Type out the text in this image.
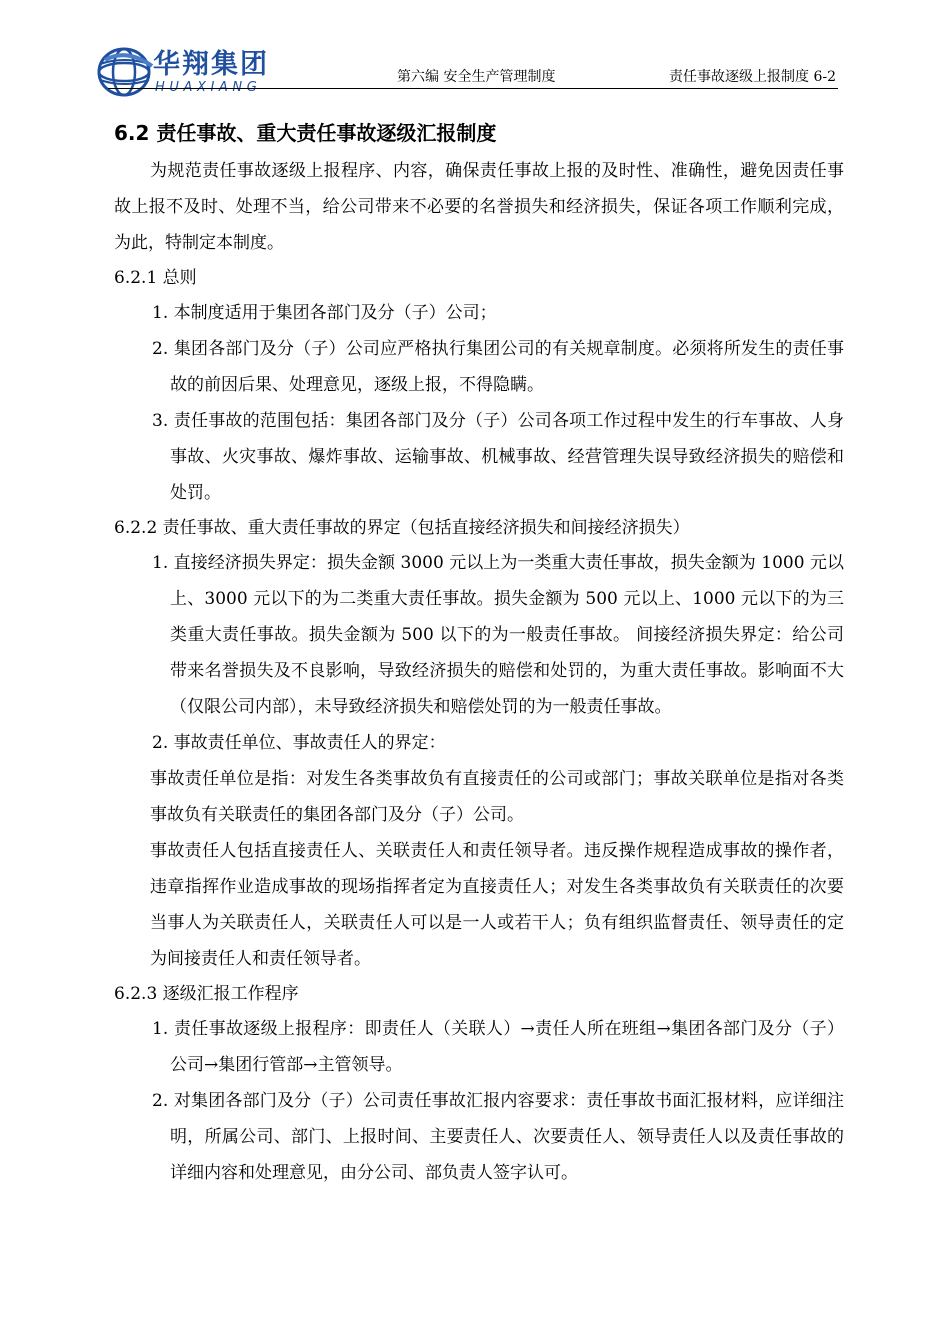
华翔集团
HUAXIANG
第六编 安全生产管理制度	责任事故逐级上报制度 6-2
6.2 责任事故、重大责任事故逐级汇报制度

为规范责任事故逐级上报程序、内容，确保责任事故上报的及时性、准确性，避免因责任事故上报不及时、处理不当，给公司带来不必要的名誉损失和经济损失，保证各项工作顺利完成，为此，特制定本制度。

6.2.1 总则

1. 本制度适用于集团各部门及分（子）公司；

2. 集团各部门及分（子）公司应严格执行集团公司的有关规章制度。必须将所发生的责任事故的前因后果、处理意见，逐级上报，不得隐瞒。

3. 责任事故的范围包括：集团各部门及分（子）公司各项工作过程中发生的行车事故、人身事故、火灾事故、爆炸事故、运输事故、机械事故、经营管理失误导致经济损失的赔偿和处罚。

6.2.2 责任事故、重大责任事故的界定（包括直接经济损失和间接经济损失）

1. 直接经济损失界定：损失金额 3000 元以上为一类重大责任事故，损失金额为 1000 元以上、3000 元以下的为二类重大责任事故。损失金额为 500 元以上、1000 元以下的为三类重大责任事故。损失金额为 500 以下的为一般责任事故。 间接经济损失界定：给公司带来名誉损失及不良影响，导致经济损失的赔偿和处罚的，为重大责任事故。影响面不大（仅限公司内部），未导致经济损失和赔偿处罚的为一般责任事故。

2. 事故责任单位、事故责任人的界定：

事故责任单位是指：对发生各类事故负有直接责任的公司或部门；事故关联单位是指对各类事故负有关联责任的集团各部门及分（子）公司。

事故责任人包括直接责任人、关联责任人和责任领导者。违反操作规程造成事故的操作者，违章指挥作业造成事故的现场指挥者定为直接责任人；对发生各类事故负有关联责任的次要当事人为关联责任人，关联责任人可以是一人或若干人；负有组织监督责任、领导责任的定为间接责任人和责任领导者。

6.2.3 逐级汇报工作程序

1. 责任事故逐级上报程序：即责任人（关联人）→责任人所在班组→集团各部门及分（子）公司→集团行管部→主管领导。

2. 对集团各部门及分（子）公司责任事故汇报内容要求：责任事故书面汇报材料，应详细注明，所属公司、部门、上报时间、主要责任人、次要责任人、领导责任人以及责任事故的详细内容和处理意见，由分公司、部负责人签字认可。
